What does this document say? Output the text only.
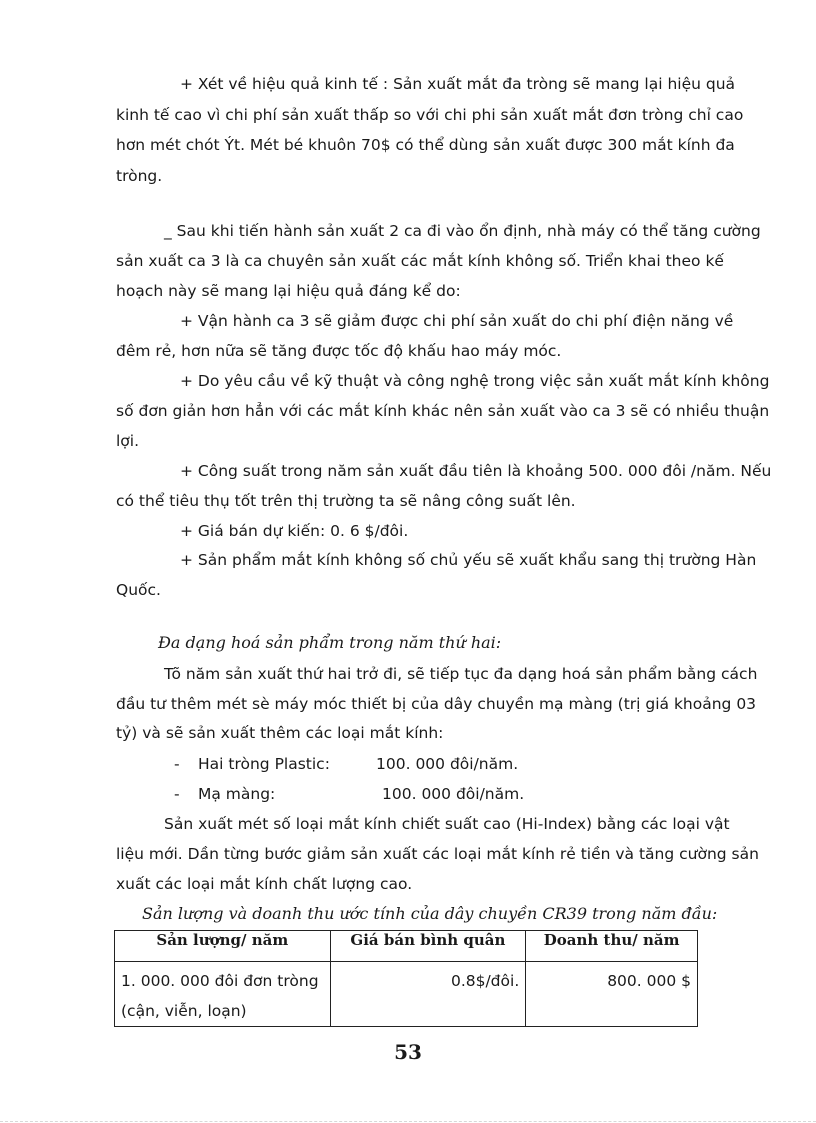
+ Xét về hiệu quả kinh tế : Sản xuất mắt đa tròng sẽ mang lại hiệu quả
kinh tế cao vì chi phí sản xuất thấp so với chi phi sản xuất mắt đơn tròng chỉ cao
hơn mét chót Ýt. Mét bé khuôn 70$ có thể dùng sản xuất được 300 mắt kính đa
tròng.
_ Sau khi tiến hành sản xuất 2 ca đi vào ổn định, nhà máy có thể tăng cường
sản xuất ca 3 là ca chuyên sản xuất các mắt kính không số. Triển khai theo kế
hoạch này sẽ mang lại hiệu quả đáng kể do:
+ Vận hành ca 3 sẽ giảm được chi phí sản xuất do chi phí điện năng về
đêm rẻ, hơn nữa sẽ tăng được tốc độ khấu hao máy móc.
+ Do yêu cầu về kỹ thuật và công nghệ trong việc sản xuất mắt kính không
số đơn giản hơn hẳn với các mắt kính khác nên sản xuất vào ca 3 sẽ có nhiều thuận
lợi.
+ Công suất trong năm sản xuất đầu tiên là khoảng 500. 000 đôi /năm. Nếu
có thể tiêu thụ tốt trên thị trường ta sẽ nâng công suất lên.
+ Giá bán dự kiến: 0. 6 $/đôi.
+ Sản phẩm mắt kính không số chủ yếu sẽ xuất khẩu sang thị trường Hàn
Quốc.
Đa dạng hoá sản phẩm trong năm thứ hai:
Tõ năm sản xuất thứ hai trở đi, sẽ tiếp tục đa dạng hoá sản phẩm bằng cách
đầu tư thêm mét sè máy móc thiết bị của dây chuyền mạ màng (trị giá khoảng 03
tỷ) và sẽ sản xuất thêm các loại mắt kính:
- Hai tròng Plastic:	100. 000 đôi/năm.
- Mạ màng:	100. 000 đôi/năm.
Sản xuất mét số loại mắt kính chiết suất cao (Hi-Index) bằng các loại vật
liệu mới. Dần từng bước giảm sản xuất các loại mắt kính rẻ tiền và tăng cường sản
xuất các loại mắt kính chất lượng cao.
Sản lượng và doanh thu ước tính của dây chuyền CR39 trong năm đầu:
Sản lượng/ năm	Giá bán bình quân	Doanh thu/ năm

1. 000. 000 đôi đơn tròng
(cận, viễn, loạn)	0.8$/đôi.	800. 000 $
53
